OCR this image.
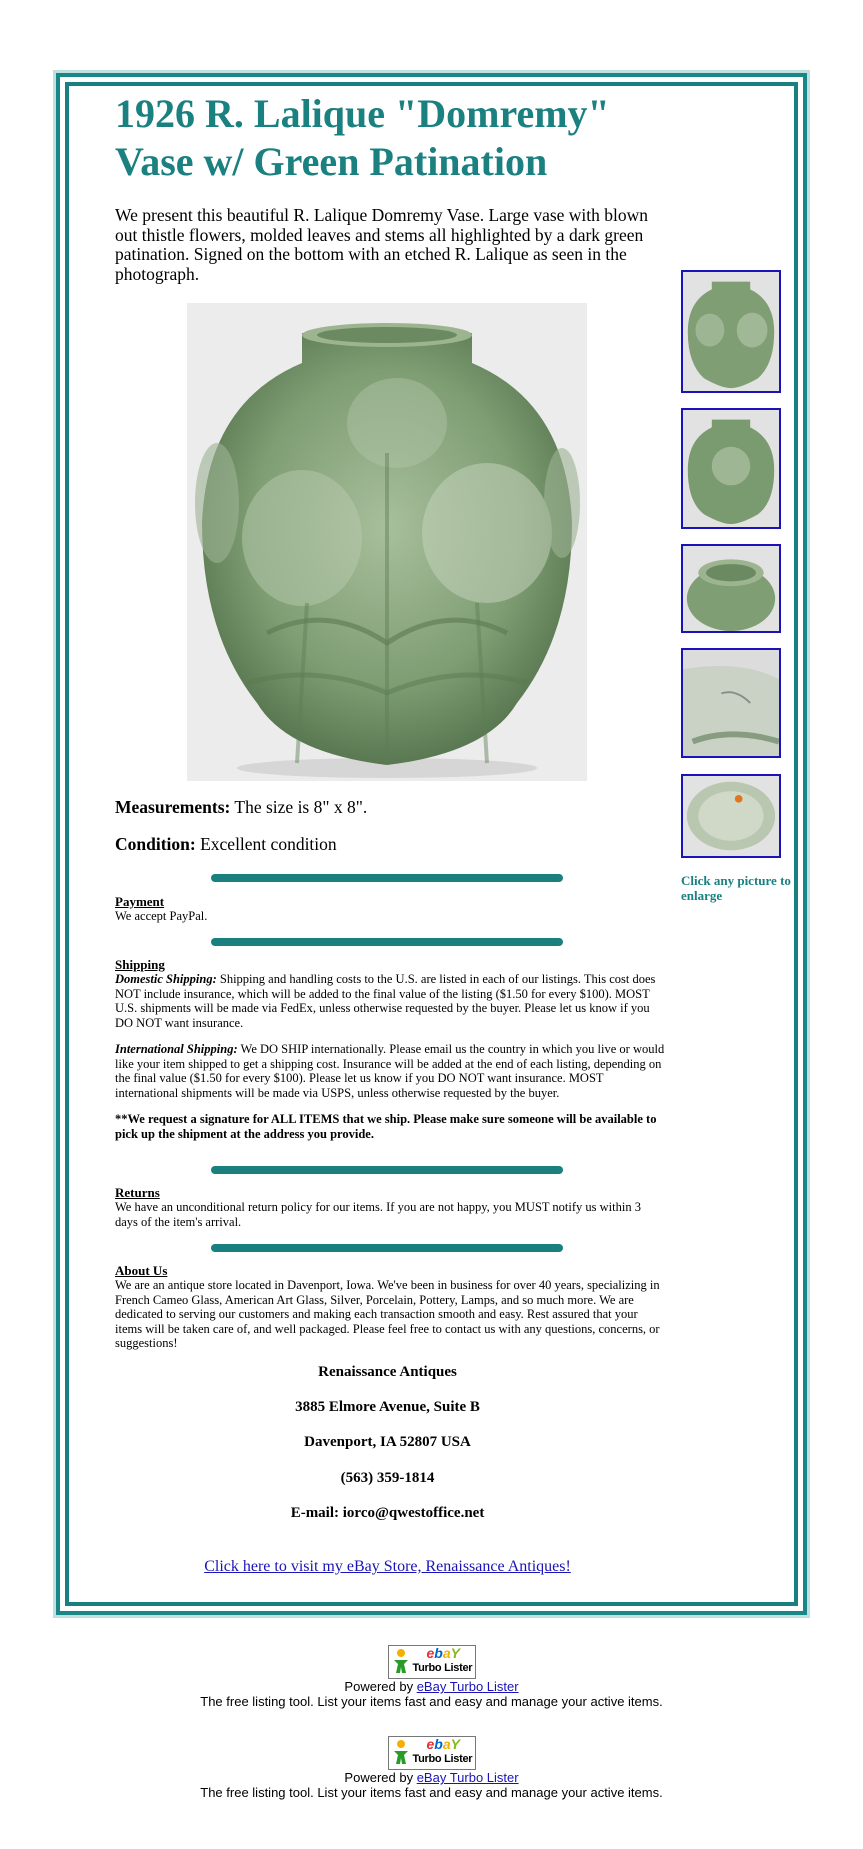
1926 R. Lalique "Domremy" Vase w/ Green Patination

We present this beautiful R. Lalique Domremy Vase. Large vase with blown out thistle flowers, molded leaves and stems all highlighted by a dark green patination. Signed on the bottom with an etched R. Lalique as seen in the photograph.

Click any picture to enlarge

Measurements: The size is 8" x 8".

Condition: Excellent condition

Payment

We accept PayPal.

Shipping

Domestic Shipping: Shipping and handling costs to the U.S. are listed in each of our listings. This cost does NOT include insurance, which will be added to the final value of the listing ($1.50 for every $100). MOST U.S. shipments will be made via FedEx, unless otherwise requested by the buyer. Please let us know if you DO NOT want insurance.

International Shipping: We DO SHIP internationally. Please email us the country in which you live or would like your item shipped to get a shipping cost. Insurance will be added at the end of each listing, depending on the final value ($1.50 for every $100). Please let us know if you DO NOT want insurance. MOST international shipments will be made via USPS, unless otherwise requested by the buyer.

**We request a signature for ALL ITEMS that we ship. Please make sure someone will be available to pick up the shipment at the address you provide.

Returns

We have an unconditional return policy for our items. If you are not happy, you MUST notify us within 3 days of the item's arrival.

About Us

We are an antique store located in Davenport, Iowa. We've been in business for over 40 years, specializing in French Cameo Glass, American Art Glass, Silver, Porcelain, Pottery, Lamps, and so much more. We are dedicated to serving our customers and making each transaction smooth and easy. Rest assured that your items will be taken care of, and well packaged. Please feel free to contact us with any questions, concerns, or suggestions!

Renaissance Antiques

3885 Elmore Avenue, Suite B

Davenport, IA 52807 USA

(563) 359-1814

E-mail: iorco@qwestoffice.net

Click here to visit my eBay Store, Renaissance Antiques!
ebaY
Turbo Lister
Powered by eBay Turbo Lister
The free listing tool. List your items fast and easy and manage your active items.
ebaY
Turbo Lister
Powered by eBay Turbo Lister
The free listing tool. List your items fast and easy and manage your active items.
